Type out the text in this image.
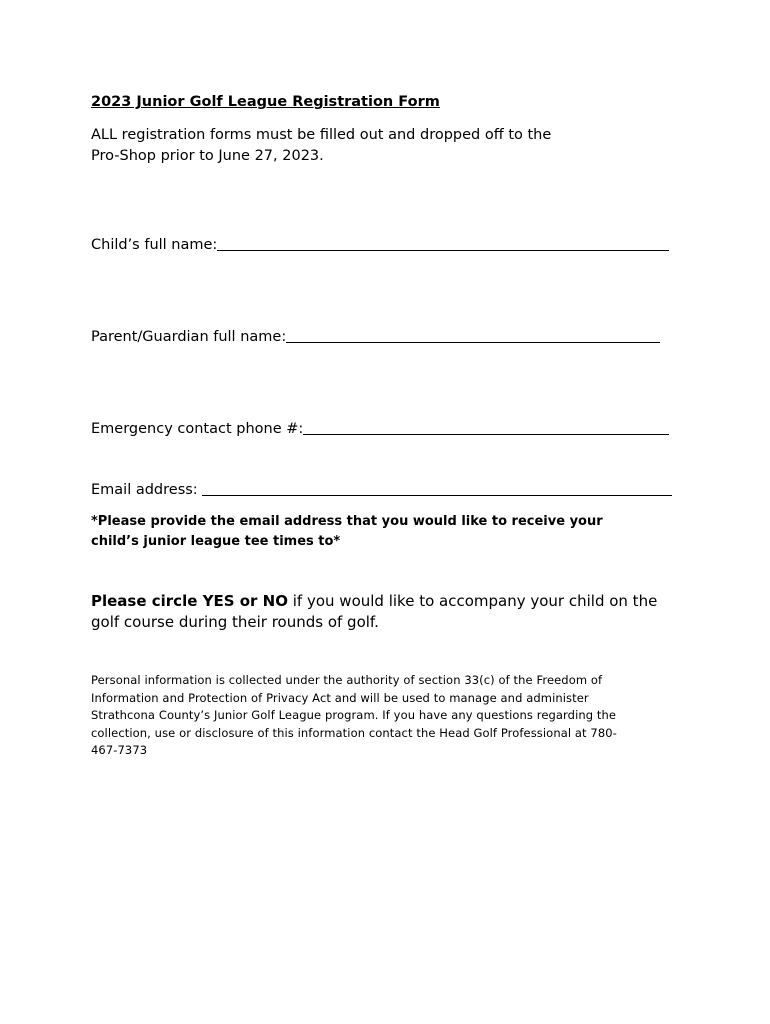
2023 Junior Golf League Registration Form
ALL registration forms must be filled out and dropped off to the
Pro-Shop prior to June 27, 2023.
Child’s full name:
Parent/Guardian full name:
Emergency contact phone #:
Email address:
*Please provide the email address that you would like to receive your
child’s junior league tee times to*
Please circle YES or NO if you would like to accompany your child on the
golf course during their rounds of golf.
Personal information is collected under the authority of section 33(c) of the Freedom of
Information and Protection of Privacy Act and will be used to manage and administer
Strathcona County’s Junior Golf League program. If you have any questions regarding the
collection, use or disclosure of this information contact the Head Golf Professional at 780-
467-7373
